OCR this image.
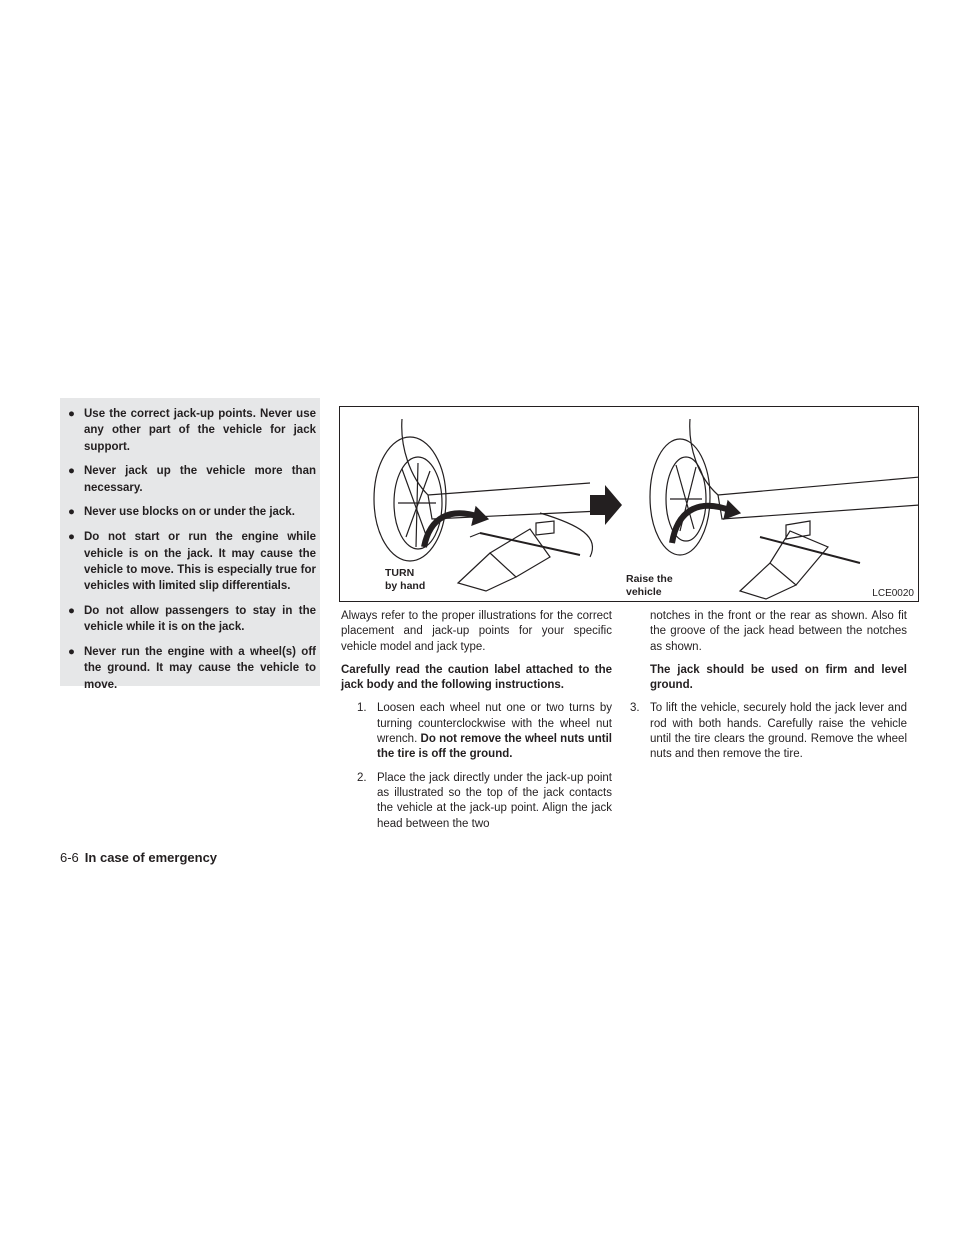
● Use the correct jack-up points. Never use any other part of the vehicle for jack support.
● Never jack up the vehicle more than necessary.
● Never use blocks on or under the jack.
● Do not start or run the engine while vehicle is on the jack. It may cause the vehicle to move. This is especially true for vehicles with limited slip differentials.
● Do not allow passengers to stay in the vehicle while it is on the jack.
● Never run the engine with a wheel(s) off the ground. It may cause the vehicle to move.
TURN
by hand
Raise the
vehicle	LCE0020

Always refer to the proper illustrations for the correct placement and jack-up points for your specific vehicle model and jack type.

Carefully read the caution label attached to the jack body and the following instructions.

1. Loosen each wheel nut one or two turns by turning counterclockwise with the wheel nut wrench. Do not remove the wheel nuts until the tire is off the ground.
2. Place the jack directly under the jack-up point as illustrated so the top of the jack contacts the vehicle at the jack-up point. Align the jack head between the two

notches in the front or the rear as shown. Also fit the groove of the jack head between the notches as shown.

The jack should be used on firm and level ground.

3. To lift the vehicle, securely hold the jack lever and rod with both hands. Carefully raise the vehicle until the tire clears the ground. Remove the wheel nuts and then remove the tire.
6-6 In case of emergency
